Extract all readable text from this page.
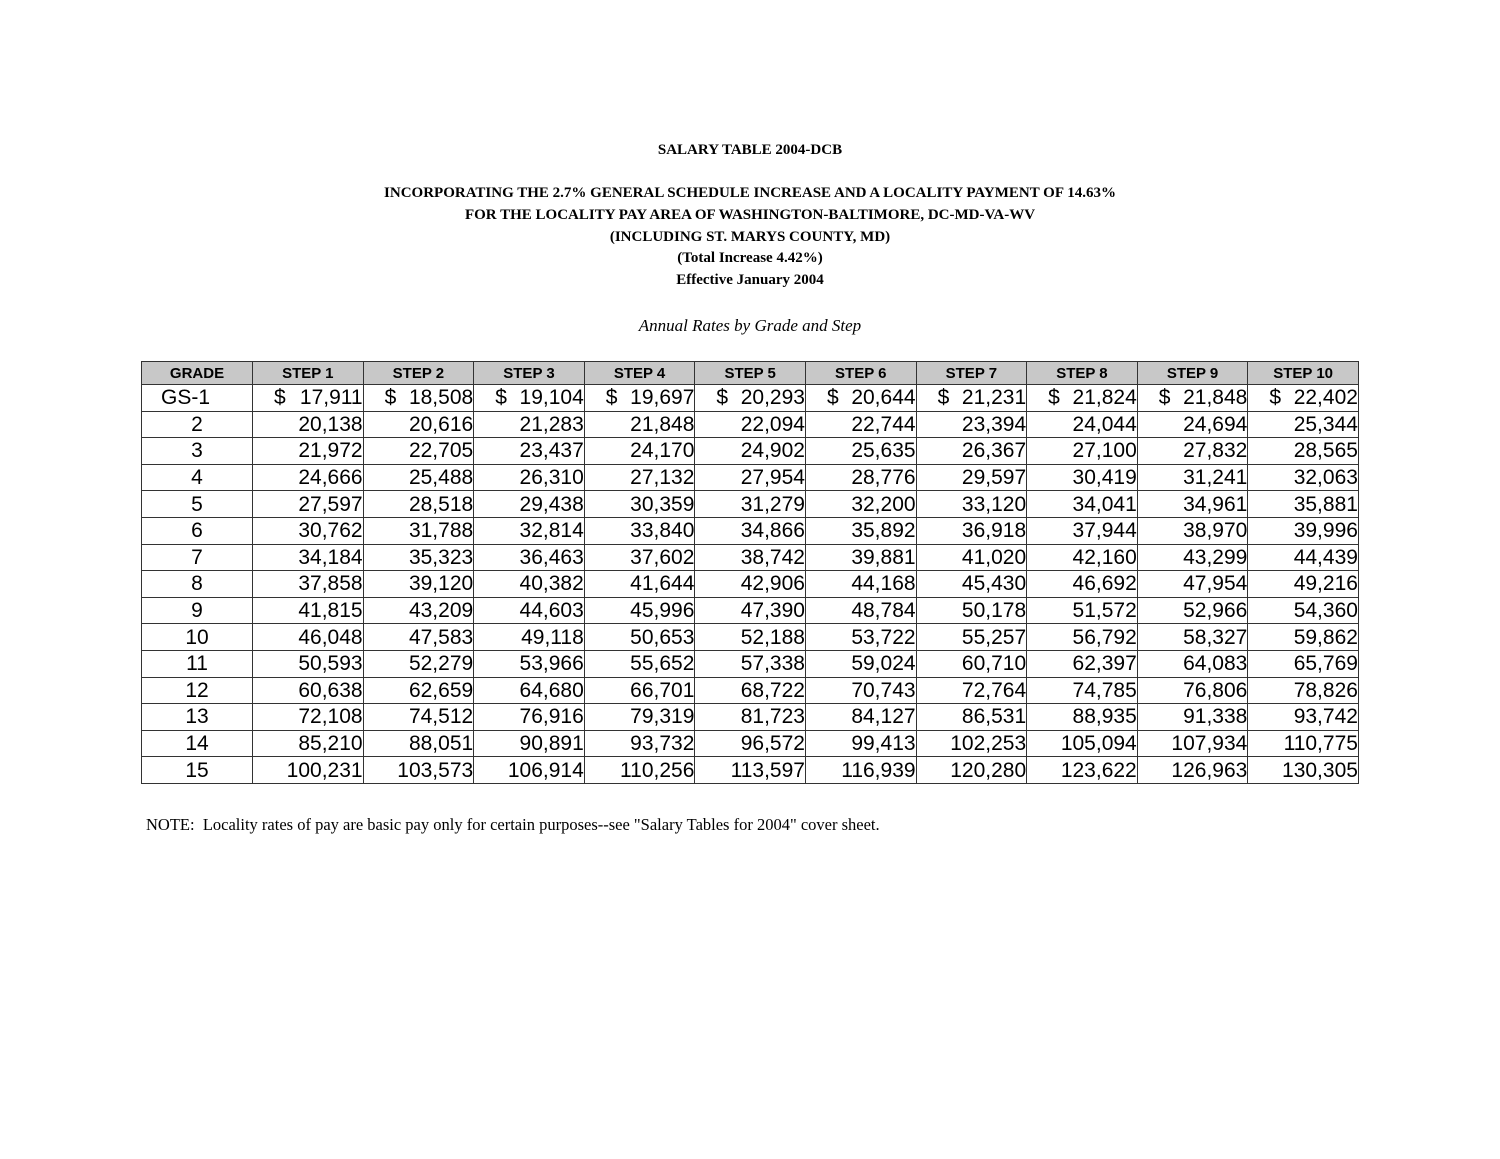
SALARY TABLE 2004-DCB
INCORPORATING THE 2.7% GENERAL SCHEDULE INCREASE AND A LOCALITY PAYMENT OF 14.63%
FOR THE LOCALITY PAY AREA OF WASHINGTON-BALTIMORE, DC-MD-VA-WV
(INCLUDING ST. MARYS COUNTY, MD)
(Total Increase 4.42%)
Effective January 2004
Annual Rates by Grade and Step
GRADE	STEP 1	STEP 2	STEP 3	STEP 4	STEP 5	STEP 6	STEP 7	STEP 8	STEP 9	STEP 10
GS-1	$ 17,911	$ 18,508	$ 19,104	$ 19,697	$ 20,293	$ 20,644	$ 21,231	$ 21,824	$ 21,848	$ 22,402
2	20,138	20,616	21,283	21,848	22,094	22,744	23,394	24,044	24,694	25,344
3	21,972	22,705	23,437	24,170	24,902	25,635	26,367	27,100	27,832	28,565
4	24,666	25,488	26,310	27,132	27,954	28,776	29,597	30,419	31,241	32,063
5	27,597	28,518	29,438	30,359	31,279	32,200	33,120	34,041	34,961	35,881
6	30,762	31,788	32,814	33,840	34,866	35,892	36,918	37,944	38,970	39,996
7	34,184	35,323	36,463	37,602	38,742	39,881	41,020	42,160	43,299	44,439
8	37,858	39,120	40,382	41,644	42,906	44,168	45,430	46,692	47,954	49,216
9	41,815	43,209	44,603	45,996	47,390	48,784	50,178	51,572	52,966	54,360
10	46,048	47,583	49,118	50,653	52,188	53,722	55,257	56,792	58,327	59,862
11	50,593	52,279	53,966	55,652	57,338	59,024	60,710	62,397	64,083	65,769
12	60,638	62,659	64,680	66,701	68,722	70,743	72,764	74,785	76,806	78,826
13	72,108	74,512	76,916	79,319	81,723	84,127	86,531	88,935	91,338	93,742
14	85,210	88,051	90,891	93,732	96,572	99,413	102,253	105,094	107,934	110,775
15	100,231	103,573	106,914	110,256	113,597	116,939	120,280	123,622	126,963	130,305
NOTE:  Locality rates of pay are basic pay only for certain purposes--see "Salary Tables for 2004" cover sheet.
